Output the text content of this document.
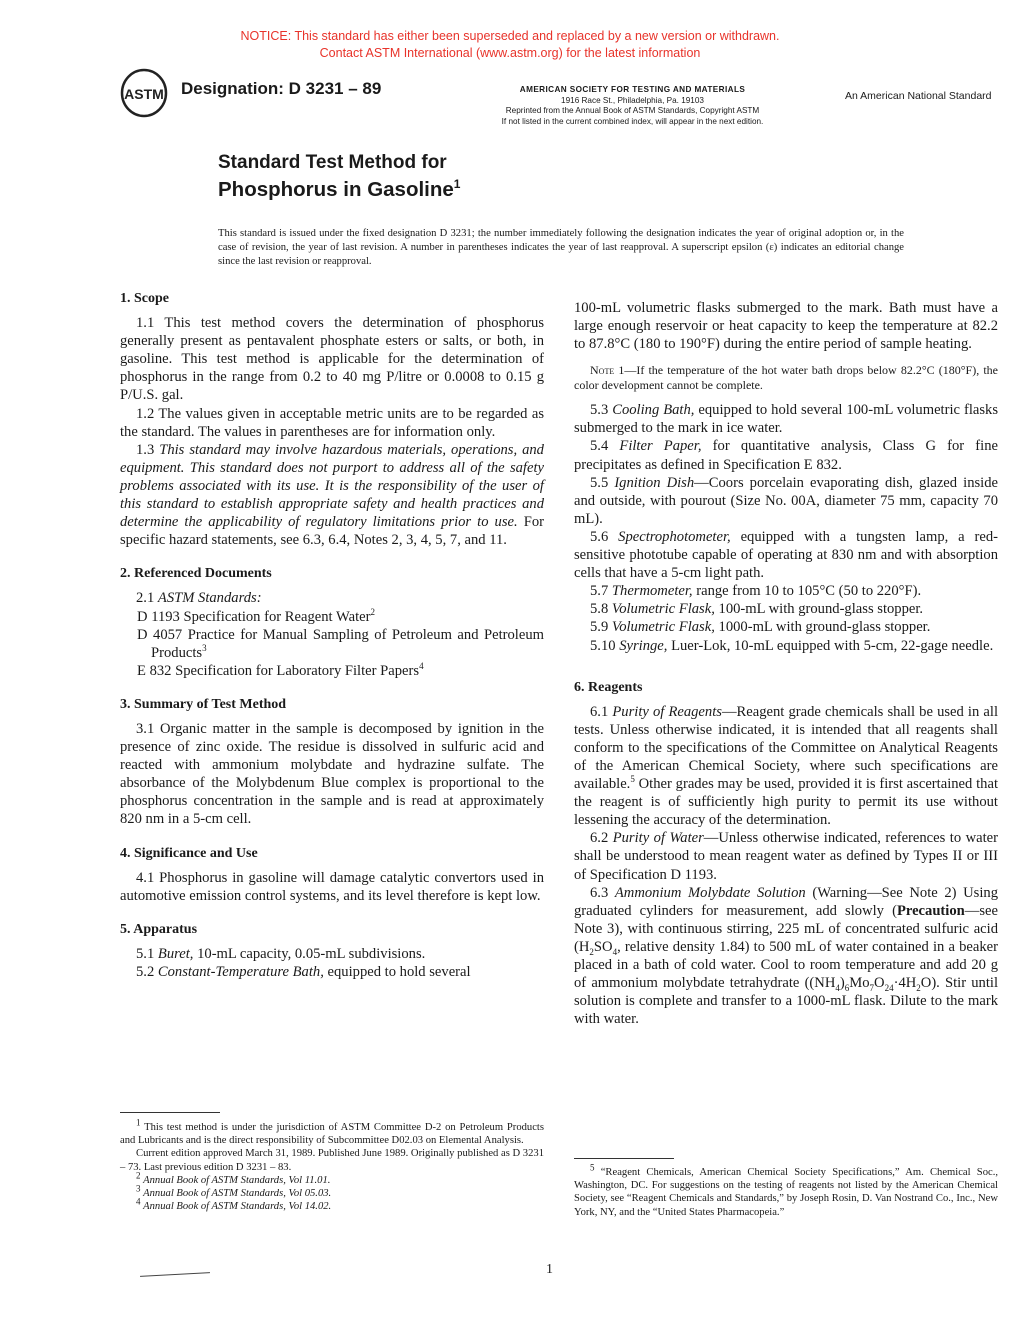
NOTICE: This standard has either been superseded and replaced by a new version or withdrawn.
Contact ASTM International (www.astm.org) for the latest information
ASTM Designation: D 3231 – 89	AMERICAN SOCIETY FOR TESTING AND MATERIALS
1916 Race St., Philadelphia, Pa. 19103
Reprinted from the Annual Book of ASTM Standards, Copyright ASTM
If not listed in the current combined index, will appear in the next edition.
An American National Standard
Standard Test Method for
Phosphorus in Gasoline$^1$
This standard is issued under the fixed designation D 3231; the number immediately following the designation indicates the year of original adoption or, in the case of revision, the year of last revision. A number in parentheses indicates the year of last reapproval. A superscript epsilon (ε) indicates an editorial change since the last revision or reapproval.
1. Scope

1.1 This test method covers the determination of phosphorus generally present as pentavalent phosphate esters or salts, or both, in gasoline. This test method is applicable for the determination of phosphorus in the range from 0.2 to 40 mg P/litre or 0.0008 to 0.15 g P/U.S. gal.

1.2 The values given in acceptable metric units are to be regarded as the standard. The values in parentheses are for information only.

1.3 This standard may involve hazardous materials, operations, and equipment. This standard does not purport to address all of the safety problems associated with its use. It is the responsibility of the user of this standard to establish appropriate safety and health practices and determine the applicability of regulatory limitations prior to use. For specific hazard statements, see 6.3, 6.4, Notes 2, 3, 4, 5, 7, and 11.

2. Referenced Documents

2.1 ASTM Standards:

D 1193 Specification for Reagent Water$^2$

D 4057 Practice for Manual Sampling of Petroleum and Petroleum Products$^3$

E 832 Specification for Laboratory Filter Papers$^4$

3. Summary of Test Method

3.1 Organic matter in the sample is decomposed by ignition in the presence of zinc oxide. The residue is dissolved in sulfuric acid and reacted with ammonium molybdate and hydrazine sulfate. The absorbance of the Molybdenum Blue complex is proportional to the phosphorus concentration in the sample and is read at approximately 820 nm in a 5-cm cell.

4. Significance and Use

4.1 Phosphorus in gasoline will damage catalytic convertors used in automotive emission control systems, and its level therefore is kept low.

5. Apparatus

5.1 Buret, 10-mL capacity, 0.05-mL subdivisions.

5.2 Constant-Temperature Bath, equipped to hold several

100-mL volumetric flasks submerged to the mark. Bath must have a large enough reservoir or heat capacity to keep the temperature at 82.2 to 87.8°C (180 to 190°F) during the entire period of sample heating.

Note 1—If the temperature of the hot water bath drops below 82.2°C (180°F), the color development cannot be complete.

5.3 Cooling Bath, equipped to hold several 100-mL volumetric flasks submerged to the mark in ice water.

5.4 Filter Paper, for quantitative analysis, Class G for fine precipitates as defined in Specification E 832.

5.5 Ignition Dish—Coors porcelain evaporating dish, glazed inside and outside, with pourout (Size No. 00A, diameter 75 mm, capacity 70 mL).

5.6 Spectrophotometer, equipped with a tungsten lamp, a red-sensitive phototube capable of operating at 830 nm and with absorption cells that have a 5-cm light path.

5.7 Thermometer, range from 10 to 105°C (50 to 220°F).

5.8 Volumetric Flask, 100-mL with ground-glass stopper.

5.9 Volumetric Flask, 1000-mL with ground-glass stopper.

5.10 Syringe, Luer-Lok, 10-mL equipped with 5-cm, 22-gage needle.

6. Reagents

6.1 Purity of Reagents—Reagent grade chemicals shall be used in all tests. Unless otherwise indicated, it is intended that all reagents shall conform to the specifications of the Committee on Analytical Reagents of the American Chemical Society, where such specifications are available.$^5$ Other grades may be used, provided it is first ascertained that the reagent is of sufficiently high purity to permit its use without lessening the accuracy of the determination.

6.2 Purity of Water—Unless otherwise indicated, references to water shall be understood to mean reagent water as defined by Types II or III of Specification D 1193.

6.3 Ammonium Molybdate Solution (Warning—See Note 2) Using graduated cylinders for measurement, add slowly (Precaution—see Note 3), with continuous stirring, 225 mL of concentrated sulfuric acid ($H_2SO_4$, relative density 1.84) to 500 mL of water contained in a beaker placed in a bath of cold water. Cool to room temperature and add 20 g of ammonium molybdate tetrahydrate $((NH_4)_6Mo_7O_{24}\cdot 4H_2O)$. Stir until solution is complete and transfer to a 1000-mL flask. Dilute to the mark with water.

$^1$ This test method is under the jurisdiction of ASTM Committee D-2 on Petroleum Products and Lubricants and is the direct responsibility of Subcommittee D02.03 on Elemental Analysis.

Current edition approved March 31, 1989. Published June 1989. Originally published as D 3231 – 73. Last previous edition D 3231 – 83.

$^2$ Annual Book of ASTM Standards, Vol 11.01.

$^3$ Annual Book of ASTM Standards, Vol 05.03.

$^4$ Annual Book of ASTM Standards, Vol 14.02.

$^5$ “Reagent Chemicals, American Chemical Society Specifications,” Am. Chemical Soc., Washington, DC. For suggestions on the testing of reagents not listed by the American Chemical Society, see “Reagent Chemicals and Standards,” by Joseph Rosin, D. Van Nostrand Co., Inc., New York, NY, and the “United States Pharmacopeia.”

1
